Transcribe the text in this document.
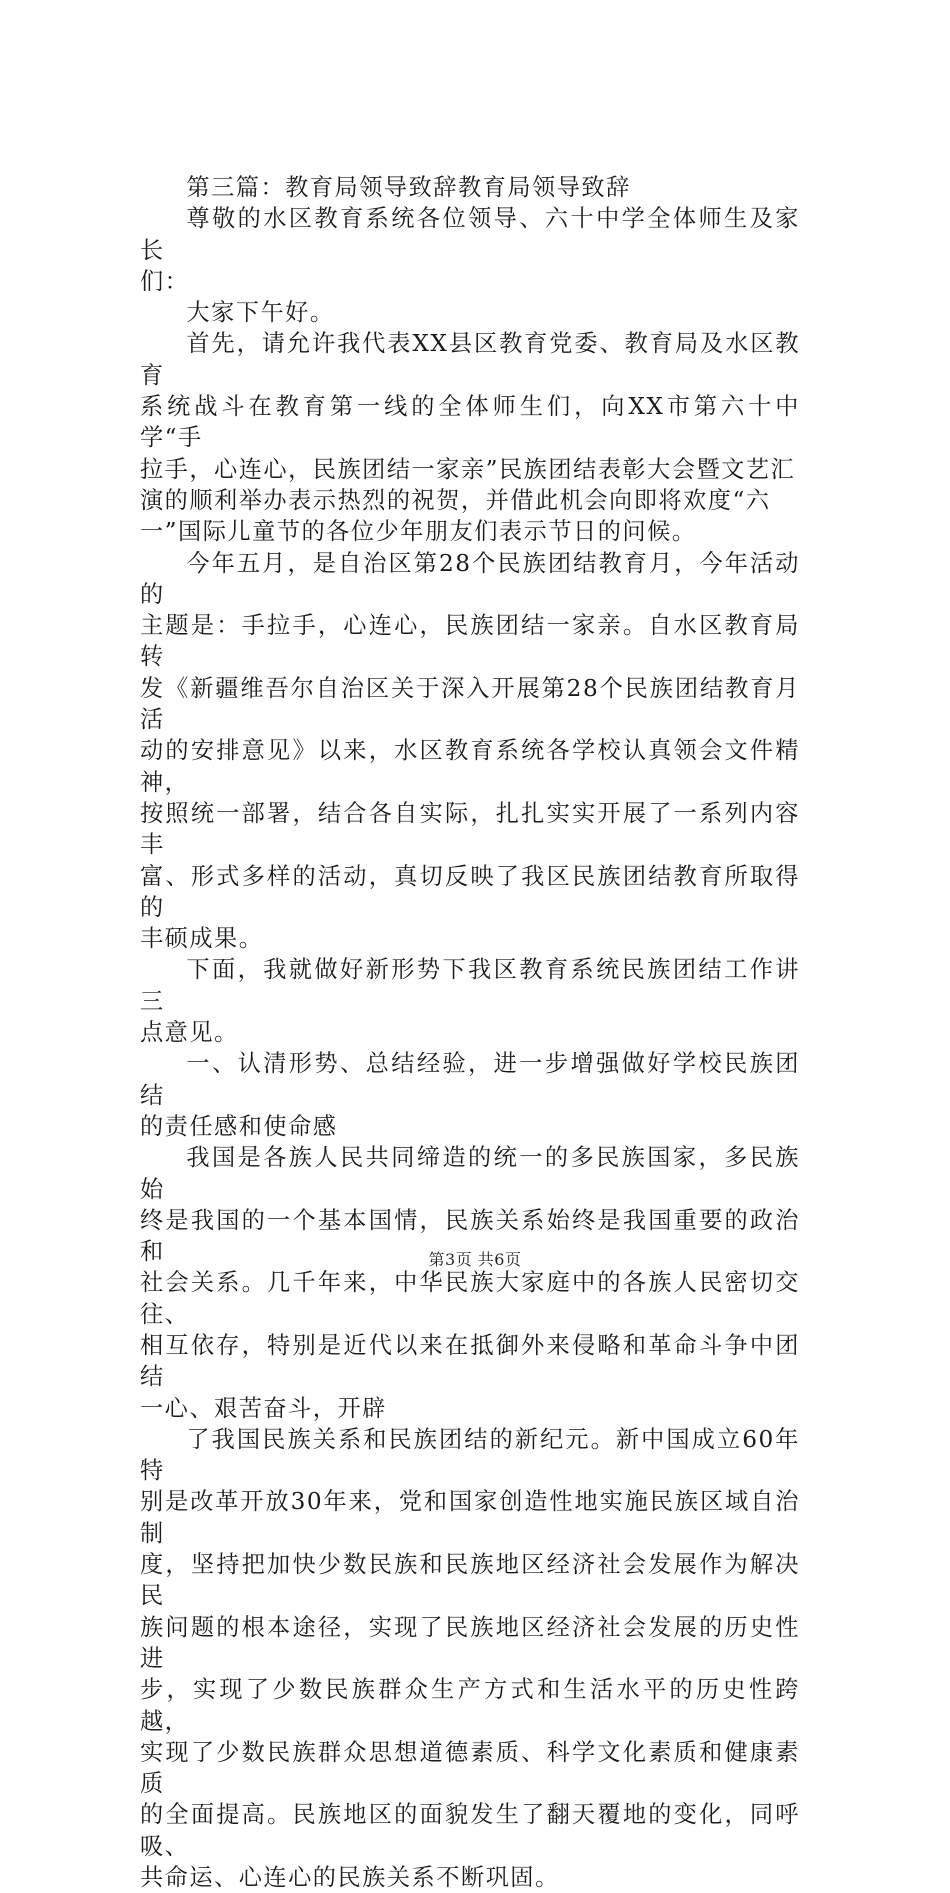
第三篇：教育局领导致辞教育局领导致辞

尊敬的水区教育系统各位领导、六十中学全体师生及家长
们：

大家下午好。

首先，请允许我代表XX县区教育党委、教育局及水区教育
系统战斗在教育第一线的全体师生们，向XX市第六十中学“手
拉手，心连心，民族团结一家亲”民族团结表彰大会暨文艺汇
演的顺利举办表示热烈的祝贺，并借此机会向即将欢度“六
一”国际儿童节的各位少年朋友们表示节日的问候。

今年五月，是自治区第28个民族团结教育月，今年活动的
主题是：手拉手，心连心，民族团结一家亲。自水区教育局转
发《新疆维吾尔自治区关于深入开展第28个民族团结教育月活
动的安排意见》以来，水区教育系统各学校认真领会文件精神，
按照统一部署，结合各自实际，扎扎实实开展了一系列内容丰
富、形式多样的活动，真切反映了我区民族团结教育所取得的
丰硕成果。

下面，我就做好新形势下我区教育系统民族团结工作讲三
点意见。

一、认清形势、总结经验，进一步增强做好学校民族团结
的责任感和使命感

我国是各族人民共同缔造的统一的多民族国家，多民族始
终是我国的一个基本国情，民族关系始终是我国重要的政治和
社会关系。几千年来，中华民族大家庭中的各族人民密切交往、
相互依存，特别是近代以来在抵御外来侵略和革命斗争中团结
一心、艰苦奋斗，开辟

了我国民族关系和民族团结的新纪元。新中国成立60年特
别是改革开放30年来，党和国家创造性地实施民族区域自治制
度，坚持把加快少数民族和民族地区经济社会发展作为解决民
族问题的根本途径，实现了民族地区经济社会发展的历史性进
步，实现了少数民族群众生产方式和生活水平的历史性跨越，
实现了少数民族群众思想道德素质、科学文化素质和健康素质
的全面提高。民族地区的面貌发生了翻天覆地的变化，同呼吸、
共命运、心连心的民族关系不断巩固。

第3页 共6页
